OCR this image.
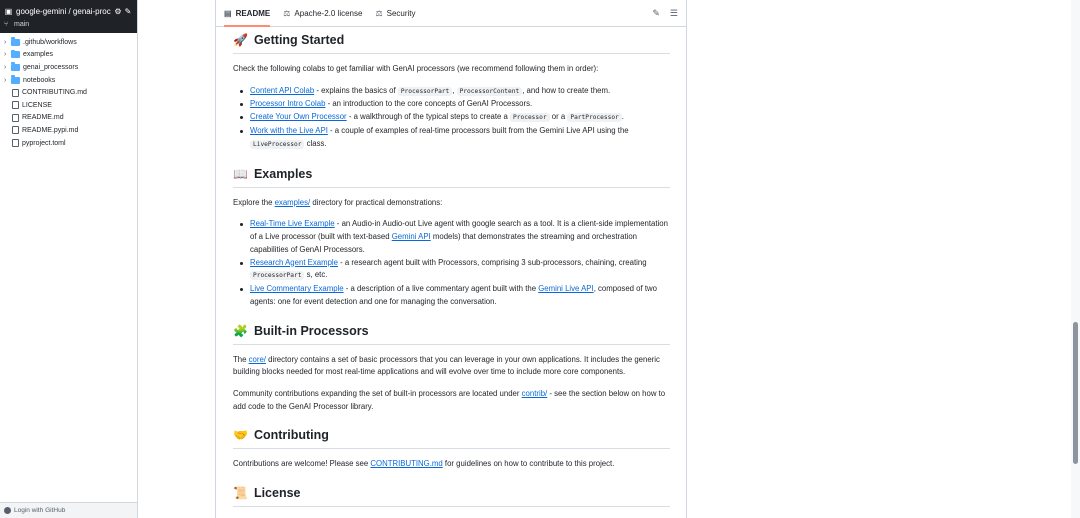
▣ google-gemini / genai-proc ⚙ ✎
⑂ main
›	.github/workflows
›	examples
›	genai_processors
›	notebooks
CONTRIBUTING.md
LICENSE
README.md
README.pypi.md
pyproject.toml
Login with GitHub
▤ README ⚖ Apache-2.0 license ⚖ Security	✎ ☰
🚀 Getting Started

Check the following colabs to get familiar with GenAI processors (we recommend following them in order):

Content API Colab - explains the basics of ProcessorPart , ProcessorContent , and how to create them.
Processor Intro Colab - an introduction to the core concepts of GenAI Processors.
Create Your Own Processor - a walkthrough of the typical steps to create a Processor or a PartProcessor .
Work with the Live API - a couple of examples of real-time processors built from the Gemini Live API using the LiveProcessor class.
📖 Examples

Explore the examples/ directory for practical demonstrations:

Real-Time Live Example - an Audio-in Audio-out Live agent with google search as a tool. It is a client-side implementation of a Live processor (built with text-based Gemini API models) that demonstrates the streaming and orchestration capabilities of GenAI Processors.
Research Agent Example - a research agent built with Processors, comprising 3 sub-processors, chaining, creating ProcessorPart s, etc.
Live Commentary Example - a description of a live commentary agent built with the Gemini Live API, composed of two agents: one for event detection and one for managing the conversation.
🧩 Built-in Processors

The core/ directory contains a set of basic processors that you can leverage in your own applications. It includes the generic building blocks needed for most real-time applications and will evolve over time to include more core components.

Community contributions expanding the set of built-in processors are located under contrib/ - see the section below on how to add code to the GenAI Processor library.

🤝 Contributing

Contributions are welcome! Please see CONTRIBUTING.md for guidelines on how to contribute to this project.

📜 License
